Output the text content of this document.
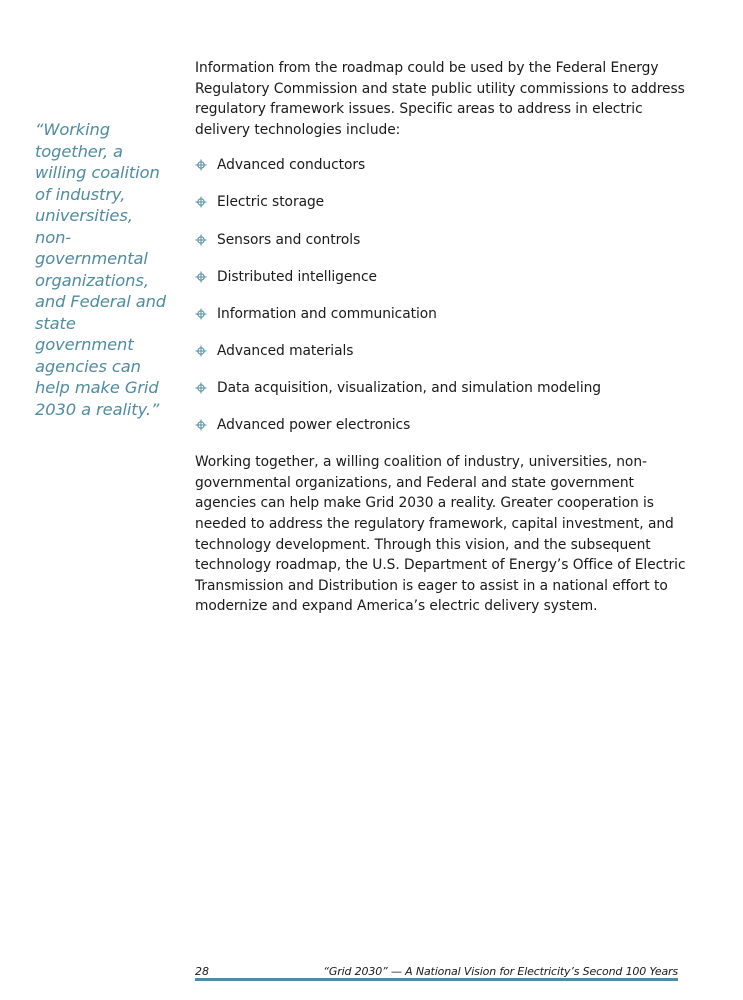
“Working together, a willing coalition of industry, universities, non-governmental organizations, and Federal and state government agencies can help make Grid 2030 a reality.”

Information from the roadmap could be used by the Federal Energy Regulatory Commission and state public utility commissions to address regulatory framework issues. Specific areas to address in electric delivery technologies include:

Advanced conductors
Electric storage
Sensors and controls
Distributed intelligence
Information and communication
Advanced materials
Data acquisition, visualization, and simulation modeling
Advanced power electronics

Working together, a willing coalition of industry, universities, non-governmental organizations, and Federal and state government agencies can help make Grid 2030 a reality. Greater cooperation is needed to address the regulatory framework, capital investment, and technology development. Through this vision, and the subsequent technology roadmap, the U.S. Department of Energy’s Office of Electric Transmission and Distribution is eager to assist in a national effort to modernize and expand America’s electric delivery system.

28	“Grid 2030” — A National Vision for Electricity’s Second 100 Years
